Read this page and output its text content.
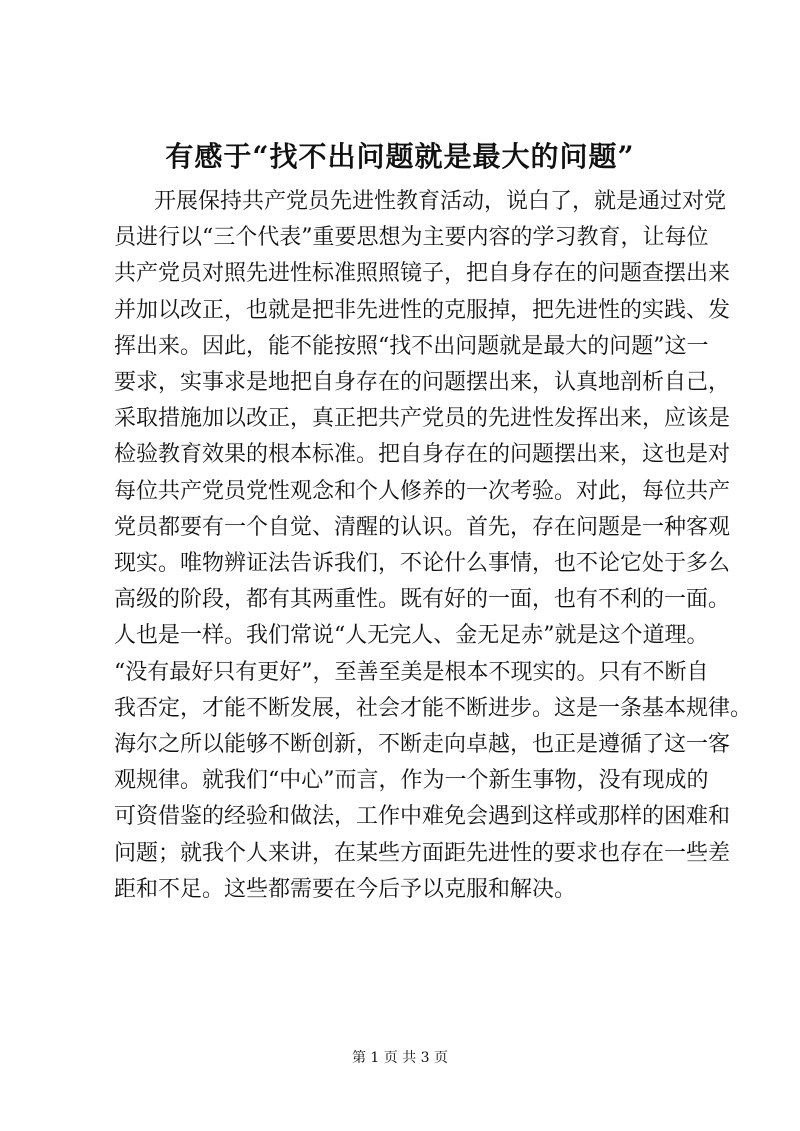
有感于“找不出问题就是最大的问题”
开展保持共产党员先进性教育活动，说白了，就是通过对党
员进行以“三个代表”重要思想为主要内容的学习教育，让每位
共产党员对照先进性标准照照镜子，把自身存在的问题查摆出来
并加以改正，也就是把非先进性的克服掉，把先进性的实践、发
挥出来。因此，能不能按照“找不出问题就是最大的问题”这一
要求，实事求是地把自身存在的问题摆出来，认真地剖析自己，
采取措施加以改正，真正把共产党员的先进性发挥出来，应该是
检验教育效果的根本标准。把自身存在的问题摆出来，这也是对
每位共产党员党性观念和个人修养的一次考验。对此，每位共产
党员都要有一个自觉、清醒的认识。首先，存在问题是一种客观
现实。唯物辨证法告诉我们，不论什么事情，也不论它处于多么
高级的阶段，都有其两重性。既有好的一面，也有不利的一面。
人也是一样。我们常说“人无完人、金无足赤”就是这个道理。
“没有最好只有更好”，至善至美是根本不现实的。只有不断自
我否定，才能不断发展，社会才能不断进步。这是一条基本规律。
海尔之所以能够不断创新，不断走向卓越，也正是遵循了这一客
观规律。就我们“中心”而言，作为一个新生事物，没有现成的
可资借鉴的经验和做法，工作中难免会遇到这样或那样的困难和
问题；就我个人来讲，在某些方面距先进性的要求也存在一些差
距和不足。这些都需要在今后予以克服和解决。
第 1 页 共 3 页
